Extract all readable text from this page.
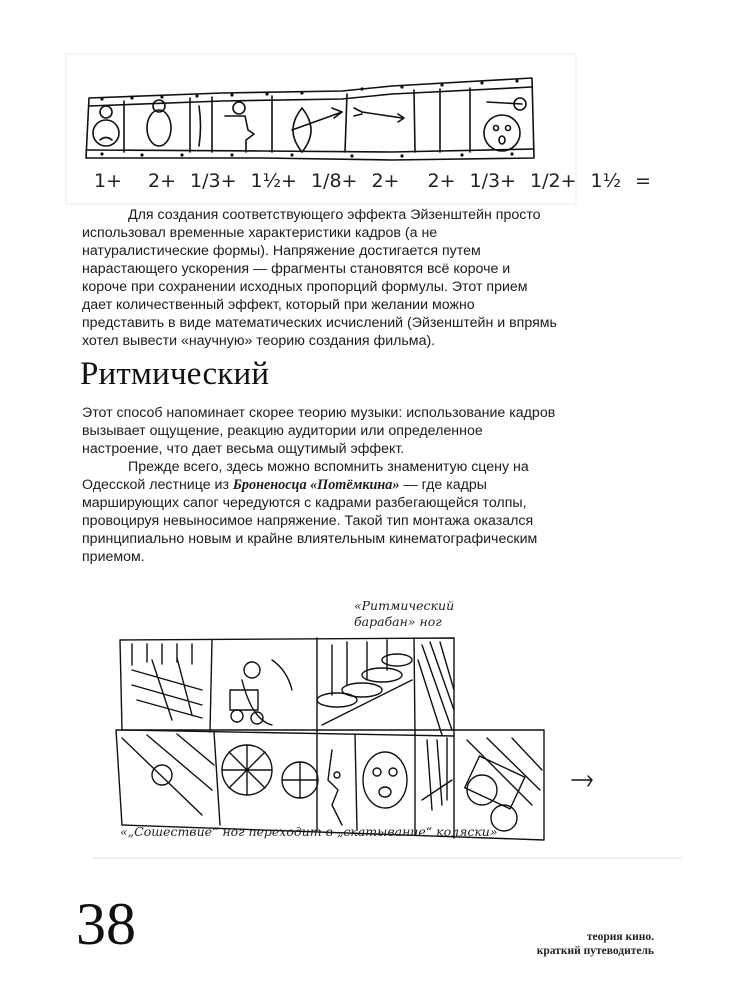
1+ 2+ 1/3+ 1½+ 1/8+ 2+ 2+ 1/3+ 1/2+ 1½ =

Для создания соответствующего эффекта Эйзенштейн просто использовал временные характеристики кадров (а не натуралистические формы). Напряжение достигается путем нарастающего ускорения — фрагменты становятся всё короче и короче при сохранении исходных пропорций формулы. Этот прием дает количественный эффект, который при желании можно представить в виде математических исчислений (Эйзенштейн и впрямь хотел вывести «научную» теорию создания фильма).

Ритмический

Этот способ напоминает скорее теорию музыки: использование кадров вызывает ощущение, реакцию аудитории или определенное настроение, что дает весьма ощутимый эффект.

Прежде всего, здесь можно вспомнить знаменитую сцену на Одесской лестнице из Броненосца «Потёмкина» — где кадры марширующих сапог чередуются с кадрами разбегающейся толпы, провоцируя невыносимое напряжение. Такой тип монтажа оказался принципиально новым и крайне влиятельным кинематографическим приемом.

«Ритмический
барабан» ног
«„Сошествие“ ног переходит в „скатывание“ коляски»
38	теория кино.
краткий путеводитель
